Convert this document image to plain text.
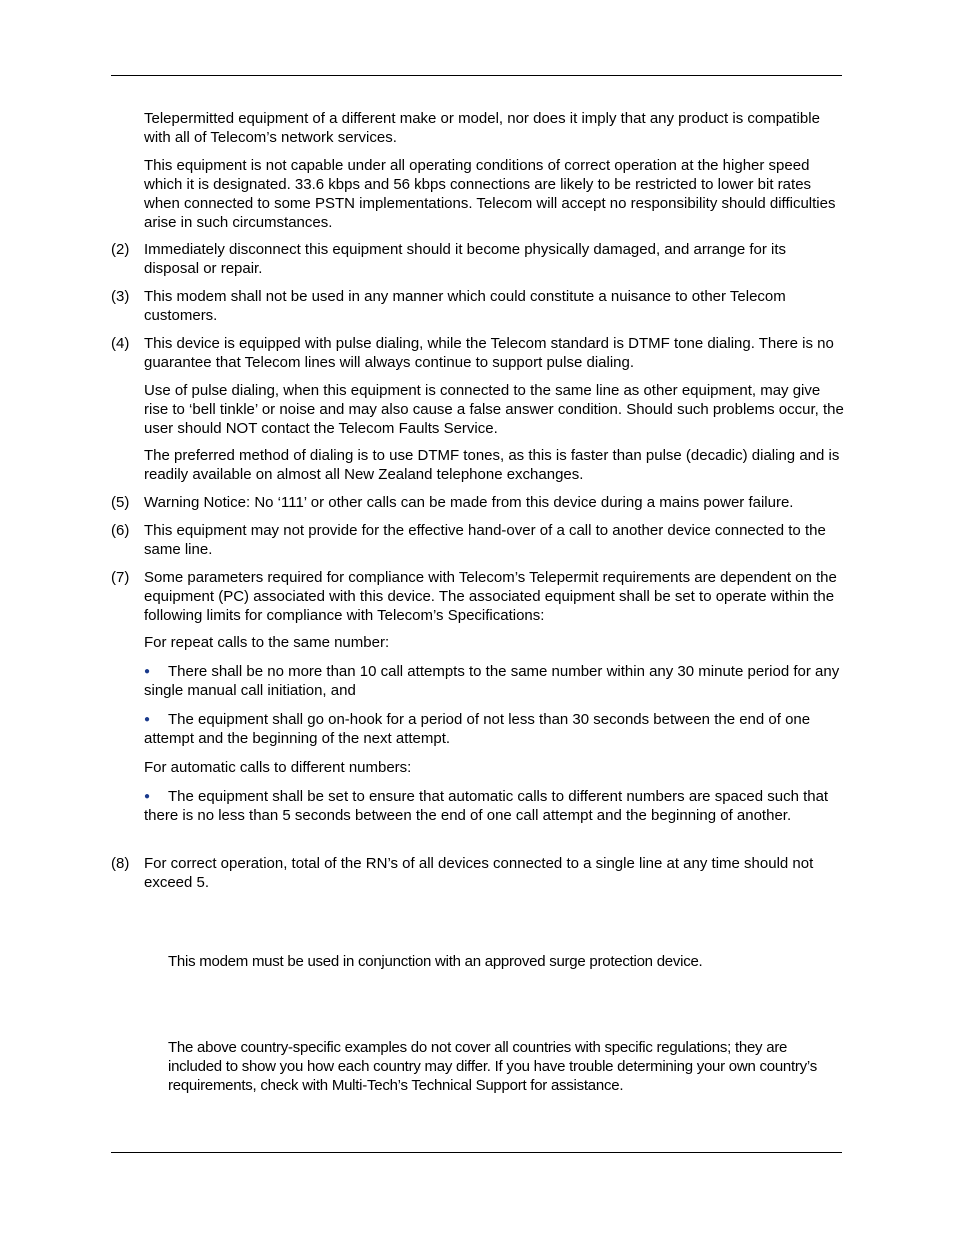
Telepermitted equipment of a different make or model, nor does it imply that any product is compatible with all of Telecom’s network services.

This equipment is not capable under all operating conditions of correct operation at the higher speed which it is designated. 33.6 kbps and 56 kbps connections are likely to be restricted to lower bit rates when connected to some PSTN implementations. Telecom will accept no responsibility should difficulties arise in such circumstances.

(2) Immediately disconnect this equipment should it become physically damaged, and arrange for its disposal or repair.

(3) This modem shall not be used in any manner which could constitute a nuisance to other Telecom customers.

(4) This device is equipped with pulse dialing, while the Telecom standard is DTMF tone dialing. There is no guarantee that Telecom lines will always continue to support pulse dialing.

Use of pulse dialing, when this equipment is connected to the same line as other equipment, may give rise to ‘bell tinkle’ or noise and may also cause a false answer condition. Should such problems occur, the user should NOT contact the Telecom Faults Service.

The preferred method of dialing is to use DTMF tones, as this is faster than pulse (decadic) dialing and is readily available on almost all New Zealand telephone exchanges.

(5) Warning Notice: No ‘111’ or other calls can be made from this device during a mains power failure.

(6) This equipment may not provide for the effective hand-over of a call to another device connected to the same line.

(7) Some parameters required for compliance with Telecom’s Telepermit requirements are dependent on the equipment (PC) associated with this device. The associated equipment shall be set to operate within the following limits for compliance with Telecom’s Specifications:

For repeat calls to the same number:

●	There shall be no more than 10 call attempts to the same number within any 30 minute period for any single manual call initiation, and

●	The equipment shall go on-hook for a period of not less than 30 seconds between the end of one attempt and the beginning of the next attempt.

For automatic calls to different numbers:

●	The equipment shall be set to ensure that automatic calls to different numbers are spaced such that there is no less than 5 seconds between the end of one call attempt and the beginning of another.

(8) For correct operation, total of the RN’s of all devices connected to a single line at any time should not exceed 5.

This modem must be used in conjunction with an approved surge protection device.

The above country-specific examples do not cover all countries with specific regulations; they are included to show you how each country may differ. If you have trouble determining your own country’s requirements, check with Multi-Tech’s Technical Support for assistance.
